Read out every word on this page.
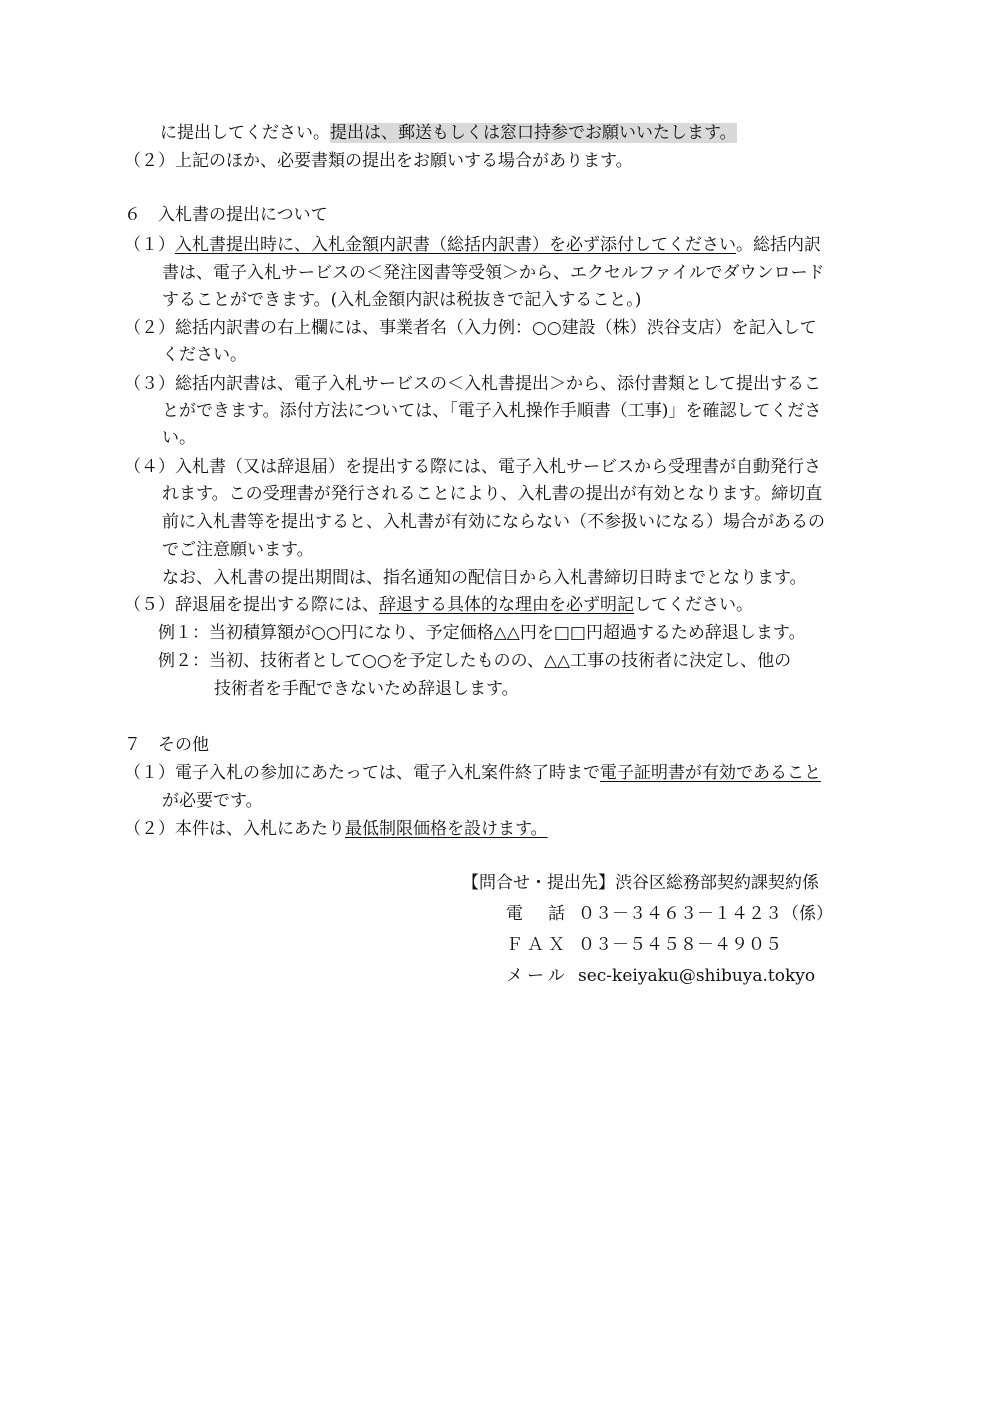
に提出してください。提出は、郵送もしくは窓口持参でお願いいたします。
（２）上記のほか、必要書類の提出をお願いする場合があります。
６　入札書の提出について
（１）入札書提出時に、入札金額内訳書（総括内訳書）を必ず添付してください。総括内訳
書は、電子入札サービスの＜発注図書等受領＞から、エクセルファイルでダウンロード
することができます。(入札金額内訳は税抜きで記入すること。)
（２）総括内訳書の右上欄には、事業者名（入力例：○○建設（株）渋谷支店）を記入して
ください。
（３）総括内訳書は、電子入札サービスの＜入札書提出＞から、添付書類として提出するこ
とができます。添付方法については、「電子入札操作手順書（工事)」を確認してくださ
い。
（４）入札書（又は辞退届）を提出する際には、電子入札サービスから受理書が自動発行さ
れます。この受理書が発行されることにより、入札書の提出が有効となります。締切直
前に入札書等を提出すると、入札書が有効にならない（不参扱いになる）場合があるの
でご注意願います。
なお、入札書の提出期間は、指名通知の配信日から入札書締切日時までとなります。
（５）辞退届を提出する際には、辞退する具体的な理由を必ず明記してください。
例１：当初積算額が○○円になり、予定価格△△円を□□円超過するため辞退します。
例２：当初、技術者として○○を予定したものの、△△工事の技術者に決定し、他の
技術者を手配できないため辞退します。
７　その他
（１）電子入札の参加にあたっては、電子入札案件終了時まで電子証明書が有効であること
が必要です。
（２）本件は、入札にあたり最低制限価格を設けます。
【問合せ・提出先】渋谷区総務部契約課契約係
電　話 ０３－３４６３－１４２３（係）
ＦＡＸ ０３－５４５８－４９０５
メール sec-keiyaku@shibuya.tokyo
